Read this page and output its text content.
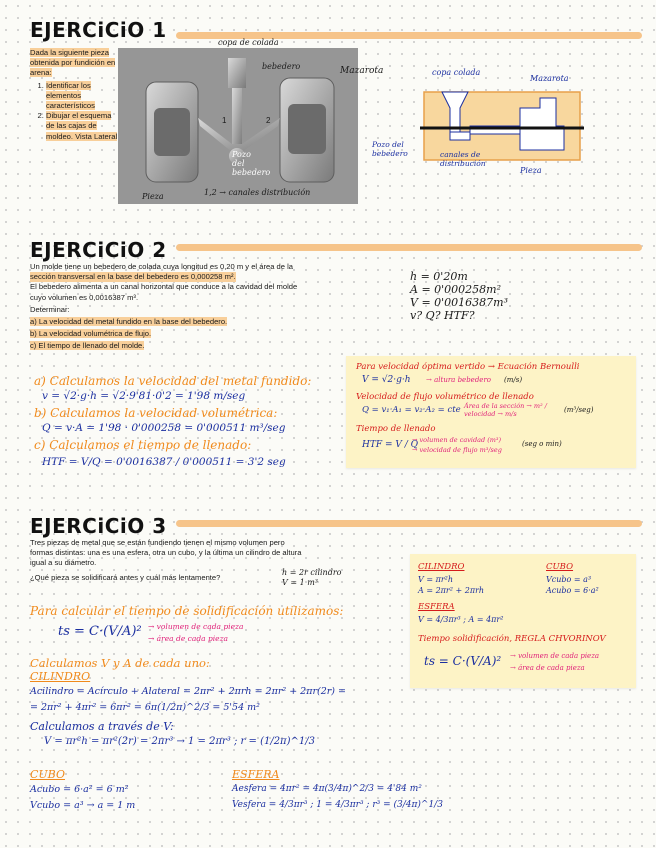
EJERCiCiO 1
Dada la siguiente pieza obtenida por fundición en arena:
1. Identificar los elementos característicos
2. Dibujar el esquema de las cajas de moldeo. Vista Lateral
copa de colada
bebedero	Mazarota
Pozo del bebedero
1,2 → canales distribución
Pieza
1	2
copa colada
Mazarota
Pozo del bebedero	canales de distribución
Pieza
EJERCiCiO 2
Un molde tiene un bebedero de colada cuya longitud es 0,20 m y el área de la
sección transversal en la base del bebedero es 0,000258 m².
El bebedero alimenta a un canal horizontal que conduce a la cavidad del molde
cuyo volumen es 0,0016387 m³.
Determinar:
a) La velocidad del metal fundido en la base del bebedero.
b) La velocidad volumétrica de flujo.
c) El tiempo de llenado del molde.
h = 0'20m
A = 0'000258m²
V = 0'0016387m³
v? Q? HTF?
a) Calculamos la velocidad del metal fundido:
v = √2·g·h = √2·9'81·0'2 = 1'98 m/seg
b) Calculamos la velocidad volumétrica:
Q = v·A = 1'98 · 0'000258 = 0'000511 m³/seg
c) Calculamos el tiempo de llenado:
HTF = V/Q = 0'0016387 / 0'000511 = 3'2 seg
Para velocidad óptima vertido → Ecuación Bernoulli
V = √2·g·h → altura bebedero (m/s)
Velocidad de flujo volumétrico de llenado
Q = v₁·A₁ = v₂·A₂ = cte Área de la sección → m² / velocidad → m/s	(m³/seg)
Tiempo de llenado
HTF = V / Q
→ volumen de cavidad (m³)
→ velocidad de flujo m³/seg
(seg o min)
EJERCiCiO 3
Tres piezas de metal que se están fundiendo tienen el mismo volumen pero
formas distintas: una es una esfera, otra un cubo, y la última un cilindro de altura
igual a su diámetro.
¿Qué pieza se solidificará antes y cuál más lentamente?
h = 2r cilindro
V = 1 m³
Para calcular el tiempo de solidificación utilizamos:
ts = C·(V/A)² → volumen de cada pieza
→ área de cada pieza
Calculamos V y A de cada uno:
CILINDRO
Acilindro = Acírculo + Alateral = 2πr² + 2πrh = 2πr² + 2πr(2r) =
= 2πr² + 4πr² = 6πr² = 6π(1/2π)^2/3 = 5'54 m²
Calculamos a través de V:
V = πr²h = πr²(2r) = 2πr³ → 1 = 2πr³ ; r = (1/2π)^1/3
CUBO
Acubo = 6·a² = 6 m²
Vcubo = a³ → a = 1 m
ESFERA
Aesfera = 4πr² = 4π(3/4π)^2/3 = 4'84 m²
Vesfera = 4/3πr³ ; 1 = 4/3πr³ ; r³ = (3/4π)^1/3
CILINDRO
V = πr²h
A = 2πr² + 2πrh
CUBO
Vcubo = a³
Acubo = 6·a²
ESFERA
V = 4/3πr³ ; A = 4πr²
Tiempo solidificación, REGLA CHVORINOV
ts = C·(V/A)² → volumen de cada pieza
→ área de cada pieza
